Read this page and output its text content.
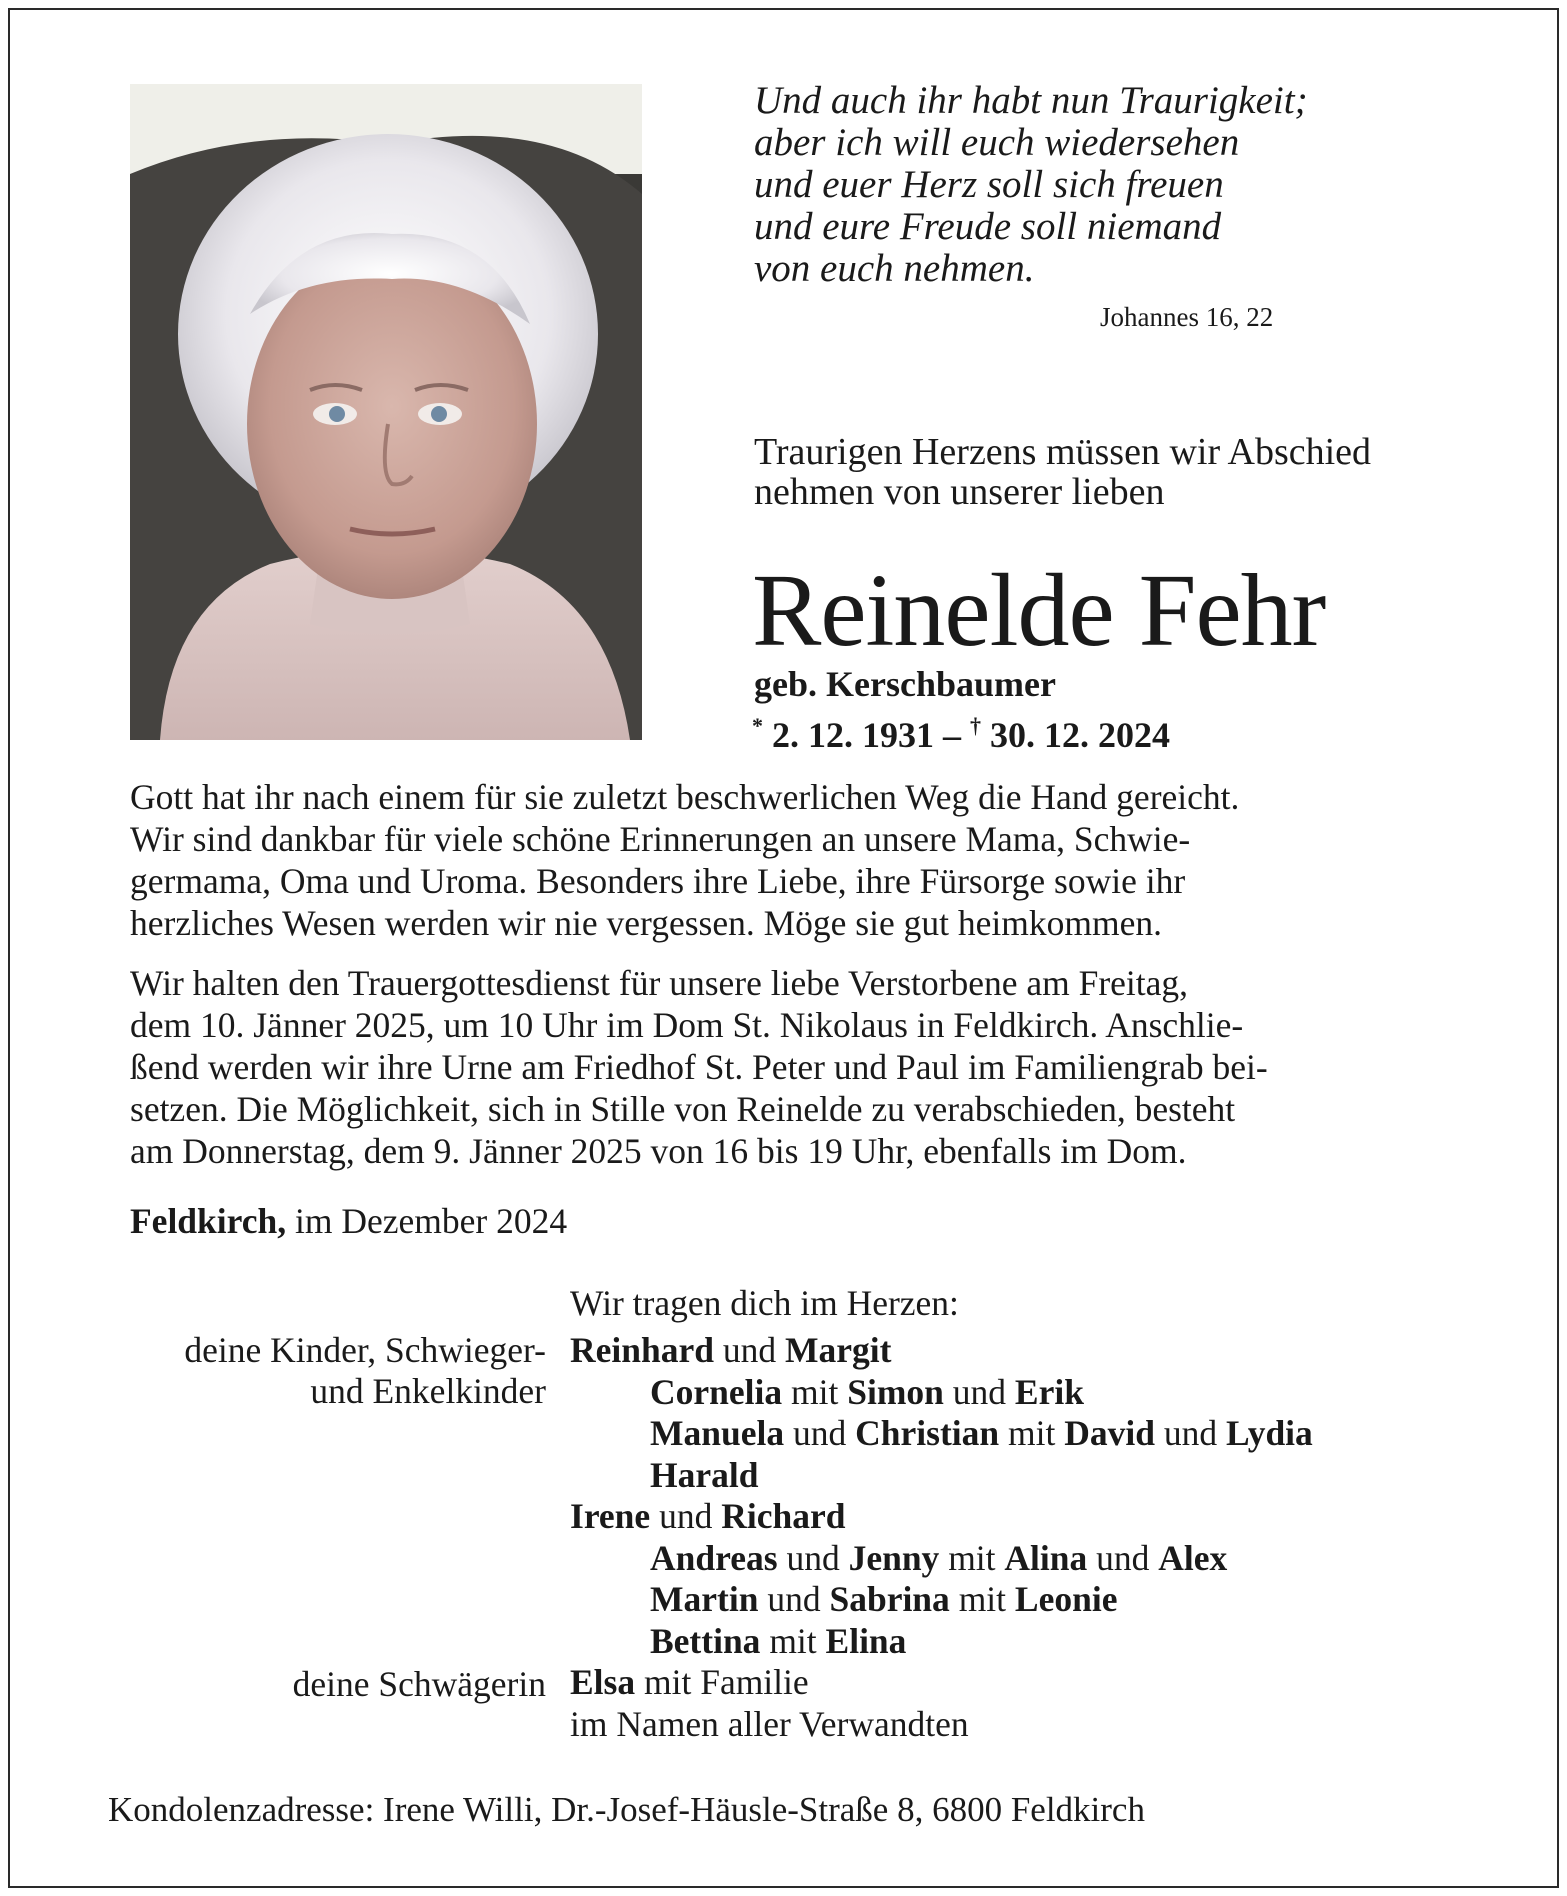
Und auch ihr habt nun Traurigkeit;
aber ich will euch wiedersehen
und euer Herz soll sich freuen
und eure Freude soll niemand
von euch nehmen.
Johannes 16, 22
Traurigen Herzens müssen wir Abschied
nehmen von unserer lieben
Reinelde Fehr
geb. Kerschbaumer
* 2. 12. 1931 – † 30. 12. 2024
Gott hat ihr nach einem für sie zuletzt beschwerlichen Weg die Hand gereicht.
Wir sind dankbar für viele schöne Erinnerungen an unsere Mama, Schwie-
germama, Oma und Uroma. Besonders ihre Liebe, ihre Fürsorge sowie ihr
herzliches Wesen werden wir nie vergessen. Möge sie gut heimkommen.
Wir halten den Trauergottesdienst für unsere liebe Verstorbene am Freitag,
dem 10. Jänner 2025, um 10 Uhr im Dom St. Nikolaus in Feldkirch. Anschlie-
ßend werden wir ihre Urne am Friedhof St. Peter und Paul im Familiengrab bei-
setzen. Die Möglichkeit, sich in Stille von Reinelde zu verabschieden, besteht
am Donnerstag, dem 9. Jänner 2025 von 16 bis 19 Uhr, ebenfalls im Dom.
Feldkirch, im Dezember 2024
Wir tragen dich im Herzen:
deine Kinder, Schwieger-
und Enkelkinder
deine Schwägerin
Reinhard und Margit
Cornelia mit Simon und Erik
Manuela und Christian mit David und Lydia
Harald
Irene und Richard
Andreas und Jenny mit Alina und Alex
Martin und Sabrina mit Leonie
Bettina mit Elina
Elsa mit Familie
im Namen aller Verwandten
Kondolenzadresse: Irene Willi, Dr.-Josef-Häusle-Straße 8, 6800 Feldkirch
